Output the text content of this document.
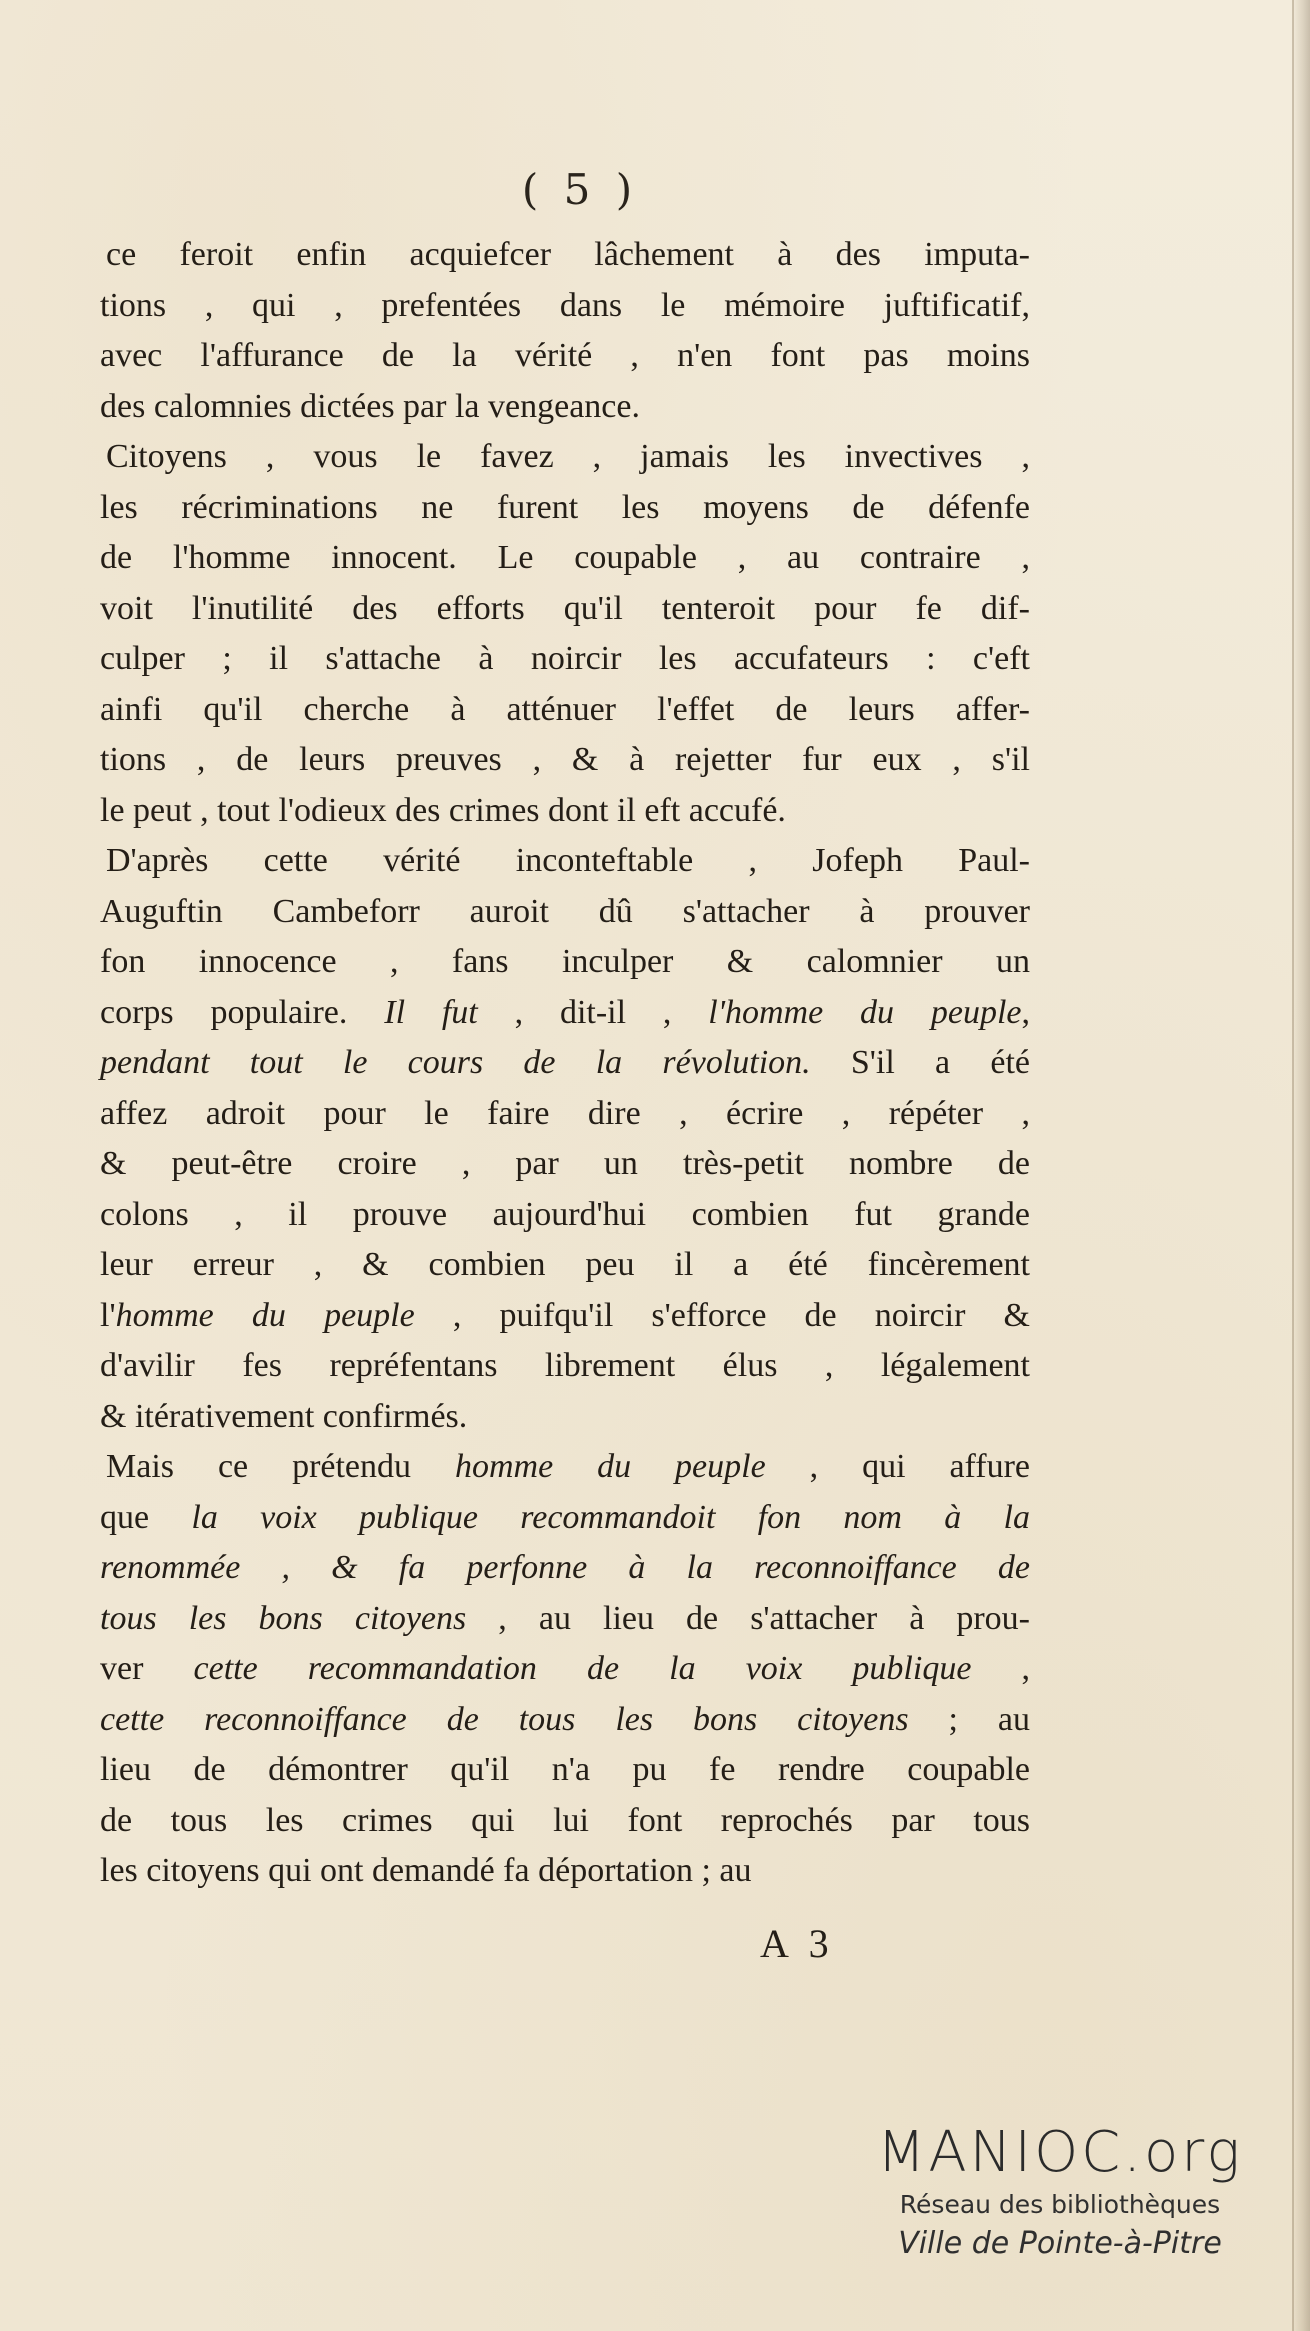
( 5 )
ce feroit enfin acquiefcer lâchement à des imputa-
tions , qui , prefentées dans le mémoire juftificatif,
avec l'affurance de la vérité , n'en font pas moins
des calomnies dictées par la vengeance.
Citoyens , vous le favez , jamais les invectives ,
les récriminations ne furent les moyens de défenfe
de l'homme innocent. Le coupable , au contraire ,
voit l'inutilité des efforts qu'il tenteroit pour fe dif-
culper ; il s'attache à noircir les accufateurs : c'eft
ainfi qu'il cherche à atténuer l'effet de leurs affer-
tions , de leurs preuves , & à rejetter fur eux , s'il
le peut , tout l'odieux des crimes dont il eft accufé.
D'après cette vérité inconteftable , Jofeph Paul-
Auguftin Cambeforr auroit dû s'attacher à prouver
fon innocence , fans inculper & calomnier un
corps populaire. Il fut , dit-il , l'homme du peuple,
pendant tout le cours de la révolution. S'il a été
affez adroit pour le faire dire , écrire , répéter ,
& peut-être croire , par un très-petit nombre de
colons , il prouve aujourd'hui combien fut grande
leur erreur , & combien peu il a été fincèrement
l'homme du peuple , puifqu'il s'efforce de noircir &
d'avilir fes repréfentans librement élus , légalement
& itérativement confirmés.
Mais ce prétendu homme du peuple , qui affure
que la voix publique recommandoit fon nom à la
renommée , & fa perfonne à la reconnoiffance de
tous les bons citoyens , au lieu de s'attacher à prou-
ver cette recommandation de la voix publique ,
cette reconnoiffance de tous les bons citoyens ; au
lieu de démontrer qu'il n'a pu fe rendre coupable
de tous les crimes qui lui font reprochés par tous
les citoyens qui ont demandé fa déportation ; au
A 3
MANIOC.org
Réseau des bibliothèques
Ville de Pointe-à-Pitre
